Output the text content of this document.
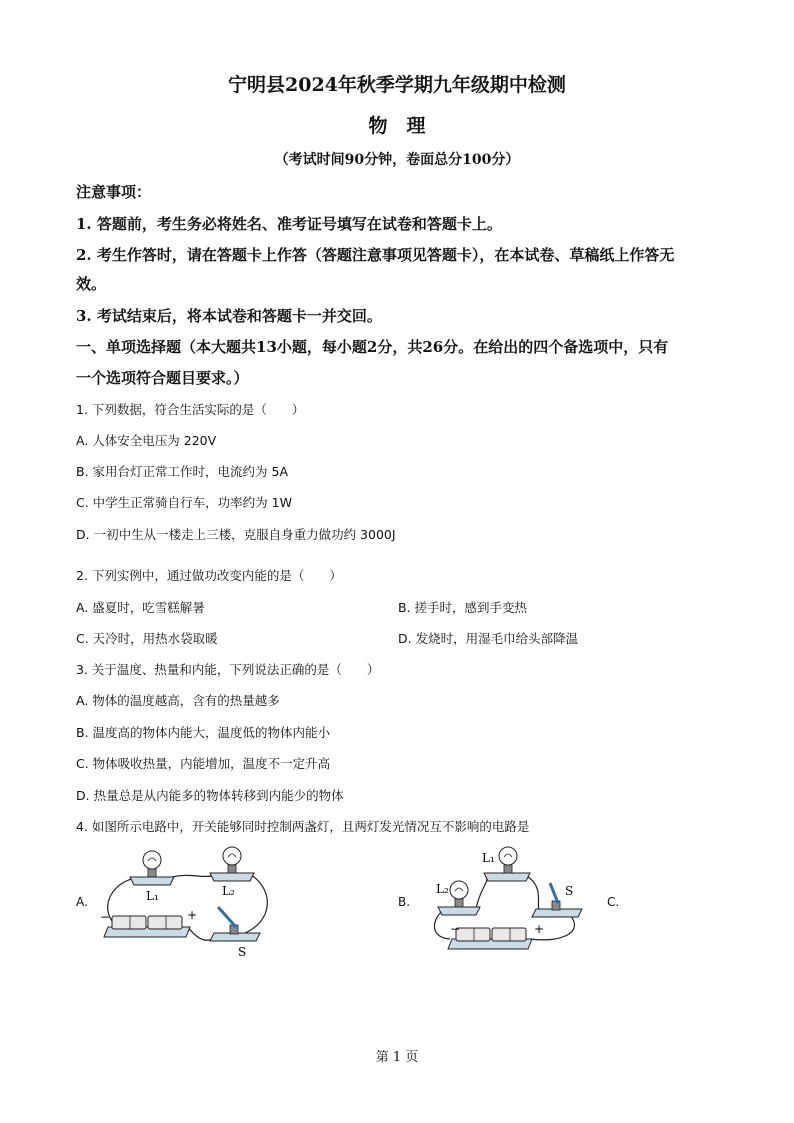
宁明县2024年秋季学期九年级期中检测
物　理
（考试时间90分钟，卷面总分100分）
注意事项：
1. 答题前，考生务必将姓名、准考证号填写在试卷和答题卡上。
2. 考生作答时，请在答题卡上作答（答题注意事项见答题卡），在本试卷、草稿纸上作答无
效。
3. 考试结束后，将本试卷和答题卡一并交回。
一、单项选择题（本大题共13小题，每小题2分，共26分。在给出的四个备选项中，只有
一个选项符合题目要求。）
1. 下列数据，符合生活实际的是（　　）
A. 人体安全电压为 220V
B. 家用台灯正常工作时，电流约为 5A
C. 中学生正常骑自行车，功率约为 1W
D. 一初中生从一楼走上三楼，克服自身重力做功约 3000J
2. 下列实例中，通过做功改变内能的是（　　）
A. 盛夏时，吃雪糕解暑	B. 搓手时，感到手变热
C. 天冷时，用热水袋取暖	D. 发烧时，用湿毛巾给头部降温
3. 关于温度、热量和内能，下列说法正确的是（　　）
A. 物体的温度越高，含有的热量越多
B. 温度高的物体内能大，温度低的物体内能小
C. 物体吸收热量，内能增加，温度不一定升高
D. 热量总是从内能多的物体转移到内能少的物体
4. 如图所示电路中，开关能够同时控制两盏灯，且两灯发光情况互不影响的电路是
A.	B.	C.
L₁	L₂
−	+
S
L₁
L₂	S
−	+
第 1 页
